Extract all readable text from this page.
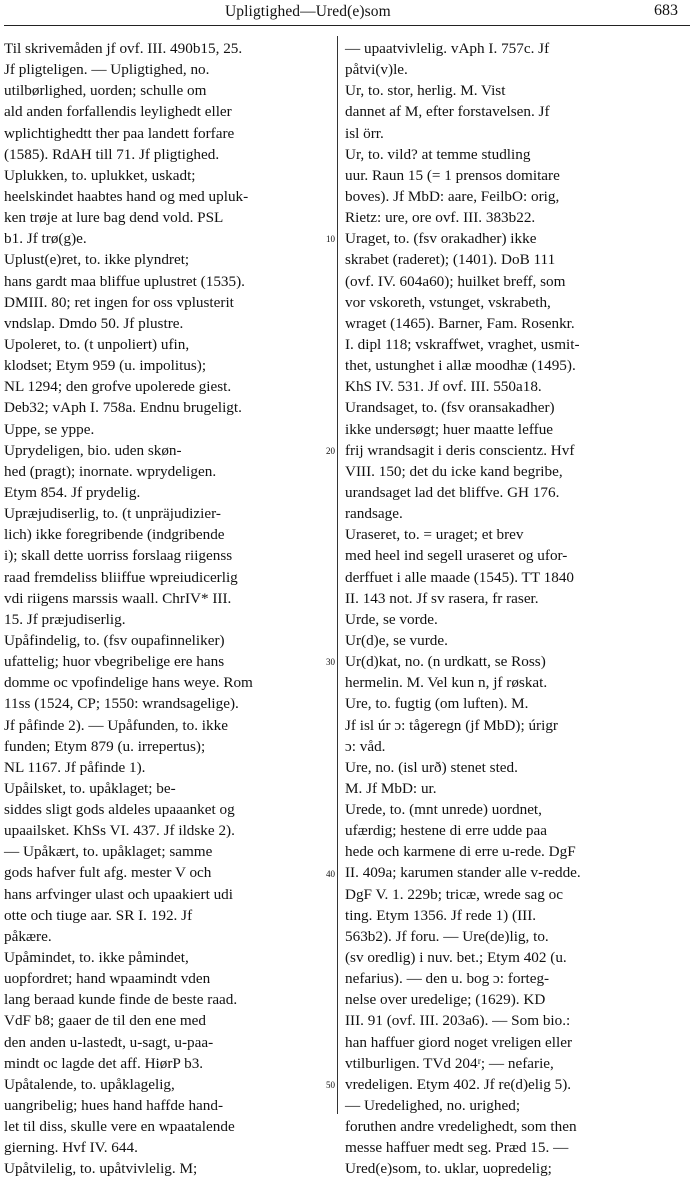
Upligtighed—Ured(e)som	683
Til skrivemåden jf ovf. III. 490b15, 25.
Jf pligteligen. — Upligtighed, no.
utilbørlighed, uorden; schulle om
ald anden forfallendis leylighedt eller
wplichtighedtt ther paa landett forfare
(1585). RdAH till 71. Jf pligtighed.
Uplukken, to. uplukket, uskadt;
heelskindet haabtes hand og med upluk-
ken trøje at lure bag dend vold. PSL
b1. Jf trø(g)e.
Uplust(e)ret, to. ikke plyndret;
hans gardt maa bliffue uplustret (1535).
DMIII. 80; ret ingen for oss vplusterit
vndslap. Dmdo 50. Jf plustre.
Upoleret, to. (t unpoliert) ufin,
klodset; Etym 959 (u. impolitus);
NL 1294; den grofve upolerede giest.
Deb32; vAph I. 758a. Endnu brugeligt.
Uppe, se yppe.
Uprydeligen, bio. uden skøn-
hed (pragt); inornate. wprydeligen.
Etym 854. Jf prydelig.
Upræjudiserlig, to. (t unpräjudizier-
lich) ikke foregribende (indgribende
i); skall dette uorriss forslaag riigenss
raad fremdeliss bliiffue wpreiudicerlig
vdi riigens marssis waall. ChrIV* III.
15. Jf præjudiserlig.
Upåfindelig, to. (fsv oupafinneliker)
ufattelig; huor vbegribelige ere hans
domme oc vpofindelige hans weye. Rom
11ss (1524, CP; 1550: wrandsagelige).
Jf påfinde 2). — Upåfunden, to. ikke
funden; Etym 879 (u. irrepertus);
NL 1167. Jf påfinde 1).
Upåilsket, to. upåklaget; be-
siddes sligt gods aldeles upaaanket og
upaailsket. KhSs VI. 437. Jf ildske 2).
— Upåkært, to. upåklaget; samme
gods hafver fult afg. mester V och
hans arfvinger ulast och upaakiert udi
otte och tiuge aar. SR I. 192. Jf
påkære.
Upåmindet, to. ikke påmindet,
uopfordret; hand wpaamindt vden
lang beraad kunde finde de beste raad.
VdF b8; gaaer de til den ene med
den anden u-lastedt, u-sagt, u-paa-
mindt oc lagde det aff. HiørP b3.
Upåtalende, to. upåklagelig,
uangribelig; hues hand haffde hand-
let til diss, skulle vere en wpaatalende
gierning. Hvf IV. 644.
Upåtvilelig, to. upåtvivlelig. M;
— upaatvivlelig. vAph I. 757c. Jf
påtvi(v)le.
Ur, to. stor, herlig. M. Vist
dannet af M, efter forstavelsen. Jf
isl örr.
Ur, to. vild? at temme studling
uur. Raun 15 (= 1 prensos domitare
boves). Jf MbD: aare, FeilbO: orig,
Rietz: ure, ore ovf. III. 383b22.
Uraget, to. (fsv orakadher) ikke
skrabet (raderet); (1401). DoB 111
(ovf. IV. 604a60); huilket breff, som
vor vskoreth, vstunget, vskrabeth,
wraget (1465). Barner, Fam. Rosenkr.
I. dipl 118; vskraffwet, vraghet, usmit-
thet, ustunghet i allæ moodhæ (1495).
KhS IV. 531. Jf ovf. III. 550a18.
Urandsaget, to. (fsv oransakadher)
ikke undersøgt; huer maatte leffue
frij wrandsagit i deris conscientz. Hvf
VIII. 150; det du icke kand begribe,
urandsaget lad det bliffve. GH 176.
randsage.
Uraseret, to. = uraget; et brev
med heel ind segell uraseret og ufor-
derffuet i alle maade (1545). TT 1840
II. 143 not. Jf sv rasera, fr raser.
Urde, se vorde.
Ur(d)e, se vurde.
Ur(d)kat, no. (n urdkatt, se Ross)
hermelin. M. Vel kun n, jf røskat.
Ure, to. fugtig (om luften). M.
Jf isl úr ɔ: tågeregn (jf MbD); úrigr
ɔ: våd.
Ure, no. (isl urð) stenet sted.
M. Jf MbD: ur.
Urede, to. (mnt unrede) uordnet,
ufærdig; hestene di erre udde paa
hede och karmene di erre u-rede. DgF
II. 409a; karumen stander alle v-redde.
DgF V. 1. 229b; tricæ, wrede sag oc
ting. Etym 1356. Jf rede 1) (III.
563b2). Jf foru. — Ure(de)lig, to.
(sv oredlig) i nuv. bet.; Etym 402 (u.
nefarius). — den u. bog ɔ: forteg-
nelse over uredelige; (1629). KD
III. 91 (ovf. III. 203a6). — Som bio.:
han haffuer giord noget vreligen eller
vtilburligen. TVd 204ʳ; — nefarie,
vredeligen. Etym 402. Jf re(d)elig 5).
— Uredelighed, no. urighed;
foruthen andre vredelighedt, som then
messe haffuer medt seg. Præd 15. —
Ured(e)som, to. uklar, uopredelig;
10
20
30
40
50
